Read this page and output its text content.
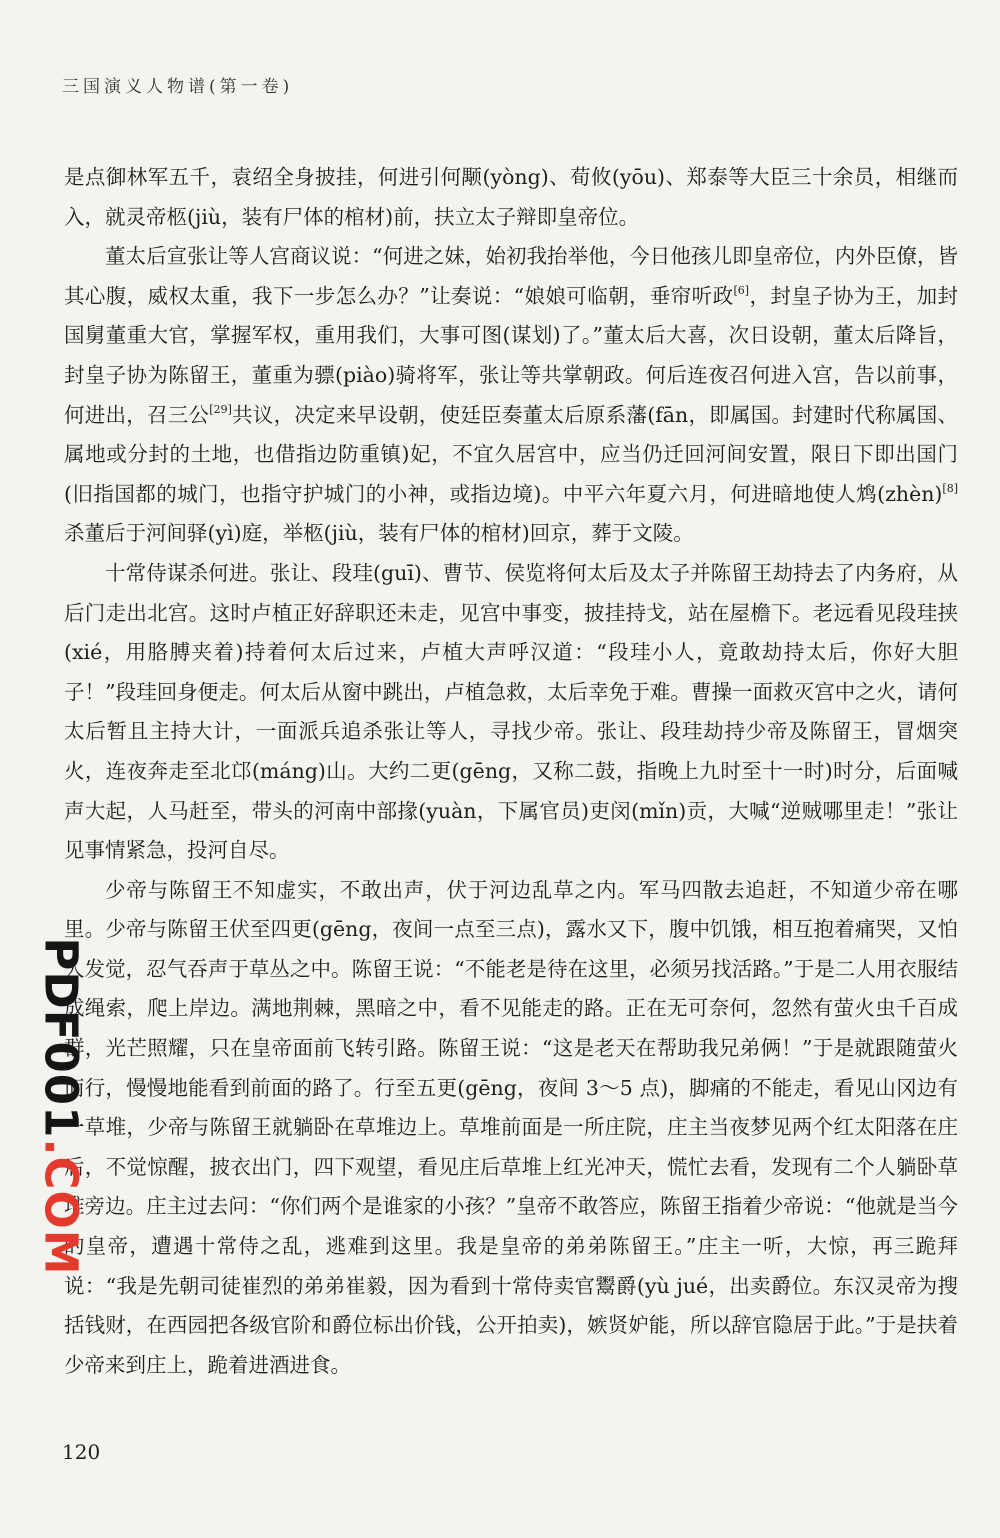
三国演义人物谱(第一卷)

是点御林军五千，袁绍全身披挂，何进引何颙(yòng)、荀攸(yōu)、郑泰等大臣三十余员，相继而入，就灵帝柩(jiù，装有尸体的棺材)前，扶立太子辩即皇帝位。

董太后宣张让等人宫商议说：“何进之妹，始初我抬举他，今日他孩儿即皇帝位，内外臣僚，皆其心腹，威权太重，我下一步怎么办？”让奏说：“娘娘可临朝，垂帘听政[6]，封皇子协为王，加封国舅董重大官，掌握军权，重用我们，大事可图(谋划)了。”董太后大喜，次日设朝，董太后降旨，封皇子协为陈留王，董重为骠(piào)骑将军，张让等共掌朝政。何后连夜召何进入宫，告以前事，何进出，召三公[29]共议，决定来早设朝，使廷臣奏董太后原系藩(fān，即属国。封建时代称属国、属地或分封的土地，也借指边防重镇)妃，不宜久居宫中，应当仍迁回河间安置，限日下即出国门(旧指国都的城门，也指守护城门的小神，或指边境)。中平六年夏六月，何进暗地使人鸩(zhèn)[8]杀董后于河间驿(yì)庭，举柩(jiù，装有尸体的棺材)回京，葬于文陵。

十常侍谋杀何进。张让、段珪(guī)、曹节、侯览将何太后及太子并陈留王劫持去了内务府，从后门走出北宫。这时卢植正好辞职还未走，见宫中事变，披挂持戈，站在屋檐下。老远看见段珪挟(xié，用胳膊夹着)持着何太后过来，卢植大声呼汉道：“段珪小人，竟敢劫持太后，你好大胆子！”段珪回身便走。何太后从窗中跳出，卢植急救，太后幸免于难。曹操一面救灭宫中之火，请何太后暂且主持大计，一面派兵追杀张让等人，寻找少帝。张让、段珪劫持少帝及陈留王，冒烟突火，连夜奔走至北邙(máng)山。大约二更(gēng，又称二鼓，指晚上九时至十一时)时分，后面喊声大起，人马赶至，带头的河南中部掾(yuàn，下属官员)吏闵(mǐn)贡，大喊“逆贼哪里走！”张让见事情紧急，投河自尽。

少帝与陈留王不知虚实，不敢出声，伏于河边乱草之内。军马四散去追赶，不知道少帝在哪里。少帝与陈留王伏至四更(gēng，夜间一点至三点)，露水又下，腹中饥饿，相互抱着痛哭，又怕人发觉，忍气吞声于草丛之中。陈留王说：“不能老是待在这里，必须另找活路。”于是二人用衣服结成绳索，爬上岸边。满地荆棘，黑暗之中，看不见能走的路。正在无可奈何，忽然有萤火虫千百成群，光芒照耀，只在皇帝面前飞转引路。陈留王说：“这是老天在帮助我兄弟俩！”于是就跟随萤火而行，慢慢地能看到前面的路了。行至五更(gēng，夜间 3～5 点)，脚痛的不能走，看见山冈边有一草堆，少帝与陈留王就躺卧在草堆边上。草堆前面是一所庄院，庄主当夜梦见两个红太阳落在庄后，不觉惊醒，披衣出门，四下观望，看见庄后草堆上红光冲天，慌忙去看，发现有二个人躺卧草堆旁边。庄主过去问：“你们两个是谁家的小孩？”皇帝不敢答应，陈留王指着少帝说：“他就是当今的皇帝，遭遇十常侍之乱，逃难到这里。我是皇帝的弟弟陈留王。”庄主一听，大惊，再三跪拜说：“我是先朝司徒崔烈的弟弟崔毅，因为看到十常侍卖官鬻爵(yù jué，出卖爵位。东汉灵帝为搜括钱财，在西园把各级官阶和爵位标出价钱，公开拍卖)，嫉贤妒能，所以辞官隐居于此。”于是扶着少帝来到庄上，跪着进酒进食。

120
PDF001.COM
